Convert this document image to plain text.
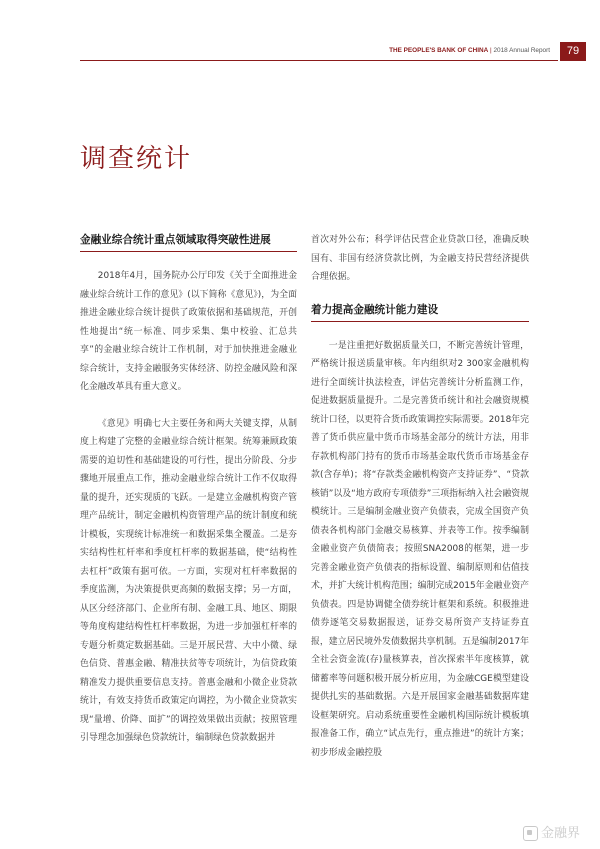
THE PEOPLE'S BANK OF CHINA | 2018 Annual Report	79
调查统计
金融业综合统计重点领域取得突破性进展

2018年4月，国务院办公厅印发《关于全面推进金融业综合统计工作的意见》(以下简称《意见》)，为全面推进金融业综合统计提供了政策依据和基础规范，开创性地提出“统一标准、同步采集、集中校验、汇总共享”的金融业综合统计工作机制，对于加快推进金融业综合统计，支持金融服务实体经济、防控金融风险和深化金融改革具有重大意义。

《意见》明确七大主要任务和两大关键支撑，从制度上构建了完整的金融业综合统计框架。统筹兼顾政策需要的迫切性和基础建设的可行性，提出分阶段、分步骤地开展重点工作，推动金融业综合统计工作不仅取得量的提升，还实现质的飞跃。一是建立金融机构资产管理产品统计，制定金融机构资管理产品的统计制度和统计模板，实现统计标准统一和数据采集全覆盖。二是夯实结构性杠杆率和季度杠杆率的数据基础，使“结构性去杠杆”政策有据可依。一方面，实现对杠杆率数据的季度监测，为决策提供更高频的数据支撑；另一方面，从区分经济部门、企业所有制、金融工具、地区、期限等角度构建结构性杠杆率数据，为进一步加强杠杆率的专题分析奠定数据基础。三是开展民营、大中小微、绿色信贷、普惠金融、精准扶贫等专项统计，为信贷政策精准发力提供重要信息支持。普惠金融和小微企业贷款统计，有效支持货币政策定向调控，为小微企业贷款实现“量增、价降、面扩”的调控效果做出贡献；按照管理引导理念加强绿色贷款统计，编制绿色贷款数据并

首次对外公布；科学评估民营企业贷款口径，准确反映国有、非国有经济贷款比例，为金融支持民营经济提供合理依据。

着力提高金融统计能力建设

一是注重把好数据质量关口，不断完善统计管理，严格统计报送质量审核。年内组织对2 300家金融机构进行全面统计执法检查，评估完善统计分析监测工作，促进数据质量提升。二是完善货币统计和社会融资规模统计口径，以更符合货币政策调控实际需要。2018年完善了货币供应量中货币市场基金部分的统计方法，用非存款机构部门持有的货币市场基金取代货币市场基金存款(含存单)；将“存款类金融机构资产支持证券”、“贷款核销”以及“地方政府专项债券”三项指标纳入社会融资规模统计。三是编制金融业资产负债表，完成全国资产负债表各机构部门金融交易核算、并表等工作。按季编制金融业资产负债简表；按照SNA2008的框架，进一步完善金融业资产负债表的指标设置、编制原则和估值技术，并扩大统计机构范围；编制完成2015年金融业资产负债表。四是协调健全债券统计框架和系统。积极推进债券逐笔交易数据报送，证券交易所资产支持证券直报，建立居民境外发债数据共享机制。五是编制2017年全社会资金流(存)量核算表，首次探索半年度核算，就储蓄率等问题积极开展分析应用，为金融CGE模型建设提供扎实的基础数据。六是开展国家金融基础数据库建设框架研究。启动系统重要性金融机构国际统计模板填报准备工作，确立“试点先行，重点推进”的统计方案；初步形成金融控股

金融界
